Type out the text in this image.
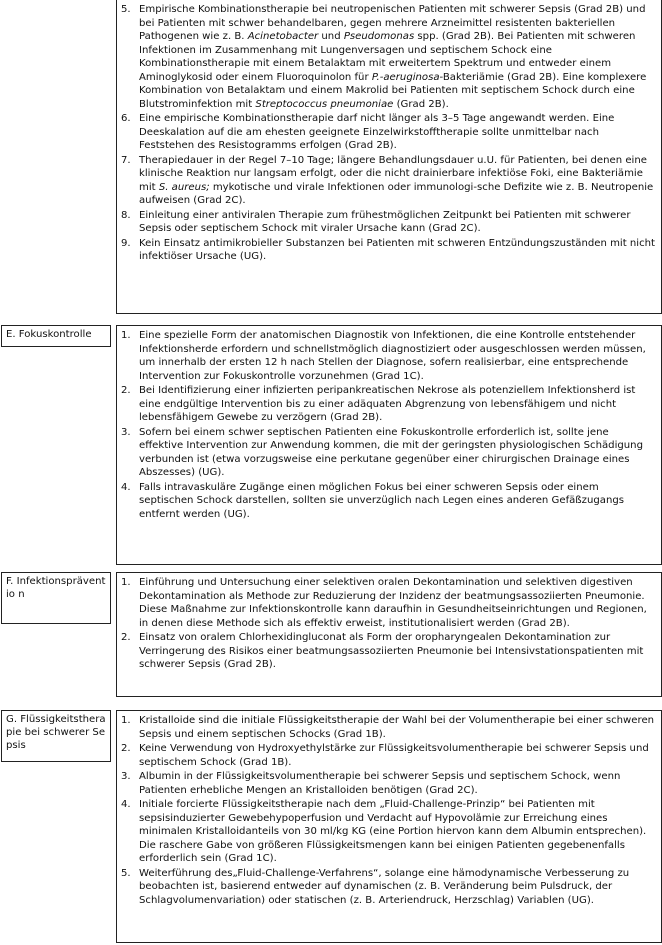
5. Empirische Kombinationstherapie bei neutropenischen Patienten mit schwerer Sepsis (Grad 2B) und bei Patienten mit schwer behandelbaren, gegen mehrere Arzneimittel resistenten bakteriellen Pathogenen wie z. B. Acinetobacter und Pseudomonas spp. (Grad 2B). Bei Patienten mit schweren Infektionen im Zusammenhang mit Lungenversagen und septischem Schock eine Kombinationstherapie mit einem Betalaktam mit erweitertem Spektrum und entweder einem Aminoglykosid oder einem Fluoroquinolon für P.-aeruginosa-Bakteriämie (Grad 2B). Eine komplexere Kombination von Betalaktam und einem Makrolid bei Patienten mit septischem Schock durch eine Blutstrominfektion mit Streptococcus pneumoniae (Grad 2B).
6. Eine empirische Kombinationstherapie darf nicht länger als 3–5 Tage angewandt werden. Eine Deeskalation auf die am ehesten geeignete Einzelwirkstofftherapie sollte unmittelbar nach Feststehen des Resistogramms erfolgen (Grad 2B).
7. Therapiedauer in der Regel 7–10 Tage; längere Behandlungsdauer u.U. für Patienten, bei denen eine klinische Reaktion nur langsam erfolgt, oder die nicht drainierbare infektiöse Foki, eine Bakteriämie mit S. aureus; mykotische und virale Infektionen oder immunologi-sche Defizite wie z. B. Neutropenie aufweisen (Grad 2C).
8. Einleitung einer antiviralen Therapie zum frühestmöglichen Zeitpunkt bei Patienten mit schwerer Sepsis oder septischem Schock mit viraler Ursache kann (Grad 2C).
9. Kein Einsatz antimikrobieller Substanzen bei Patienten mit schweren Entzündungszuständen mit nicht infektiöser Ursache (UG).
E. Fokuskontrolle	1. Eine spezielle Form der anatomischen Diagnostik von Infektionen, die eine Kontrolle entstehender Infektionsherde erfordern und schnellstmöglich diagnostiziert oder ausgeschlossen werden müssen, um innerhalb der ersten 12 h nach Stellen der Diagnose, sofern realisierbar, eine entsprechende Intervention zur Fokuskontrolle vorzunehmen (Grad 1C).
2. Bei Identifizierung einer infizierten peripankreatischen Nekrose als potenziellem Infektionsherd ist eine endgültige Intervention bis zu einer adäquaten Abgrenzung von lebensfähigem und nicht lebensfähigem Gewebe zu verzögern (Grad 2B).
3. Sofern bei einem schwer septischen Patienten eine Fokuskontrolle erforderlich ist, sollte jene effektive Intervention zur Anwendung kommen, die mit der geringsten physiologischen Schädigung verbunden ist (etwa vorzugsweise eine perkutane gegenüber einer chirurgischen Drainage eines Abszesses) (UG).
4. Falls intravaskuläre Zugänge einen möglichen Fokus bei einer schweren Sepsis oder einem septischen Schock darstellen, sollten sie unverzüglich nach Legen eines anderen Gefäßzugangs entfernt werden (UG).
F. Infektionspräventio n
1. Einführung und Untersuchung einer selektiven oralen Dekontamination und selektiven digestiven Dekontamination als Methode zur Reduzierung der Inzidenz der beatmungsassoziierten Pneumonie. Diese Maßnahme zur Infektionskontrolle kann daraufhin in Gesundheitseinrichtungen und Regionen, in denen diese Methode sich als effektiv erweist, institutionalisiert werden (Grad 2B).
2. Einsatz von oralem Chlorhexidingluconat als Form der oropharyngealen Dekontamination zur Verringerung des Risikos einer beatmungsassoziierten Pneumonie bei Intensivstationspatienten mit schwerer Sepsis (Grad 2B).
G. Flüssigkeitstherapie bei schwerer Sepsis
1. Kristalloide sind die initiale Flüssigkeitstherapie der Wahl bei der Volumentherapie bei einer schweren Sepsis und einem septischen Schocks (Grad 1B).
2. Keine Verwendung von Hydroxyethylstärke zur Flüssigkeitsvolumentherapie bei schwerer Sepsis und septischem Schock (Grad 1B).
3. Albumin in der Flüssigkeitsvolumentherapie bei schwerer Sepsis und septischem Schock, wenn Patienten erhebliche Mengen an Kristalloiden benötigen (Grad 2C).
4. Initiale forcierte Flüssigkeitstherapie nach dem „Fluid-Challenge-Prinzip“ bei Patienten mit sepsisinduzierter Gewebehypoperfusion und Verdacht auf Hypovolämie zur Erreichung eines minimalen Kristalloidanteils von 30 ml/kg KG (eine Portion hiervon kann dem Albumin entsprechen). Die raschere Gabe von größeren Flüssigkeitsmengen kann bei einigen Patienten gegebenenfalls erforderlich sein (Grad 1C).
5. Weiterführung des„Fluid-Challenge-Verfahrens“, solange eine hämodynamische Verbesserung zu beobachten ist, basierend entweder auf dynamischen (z. B. Veränderung beim Pulsdruck, der Schlagvolumenvariation) oder statischen (z. B. Arteriendruck, Herzschlag) Variablen (UG).
